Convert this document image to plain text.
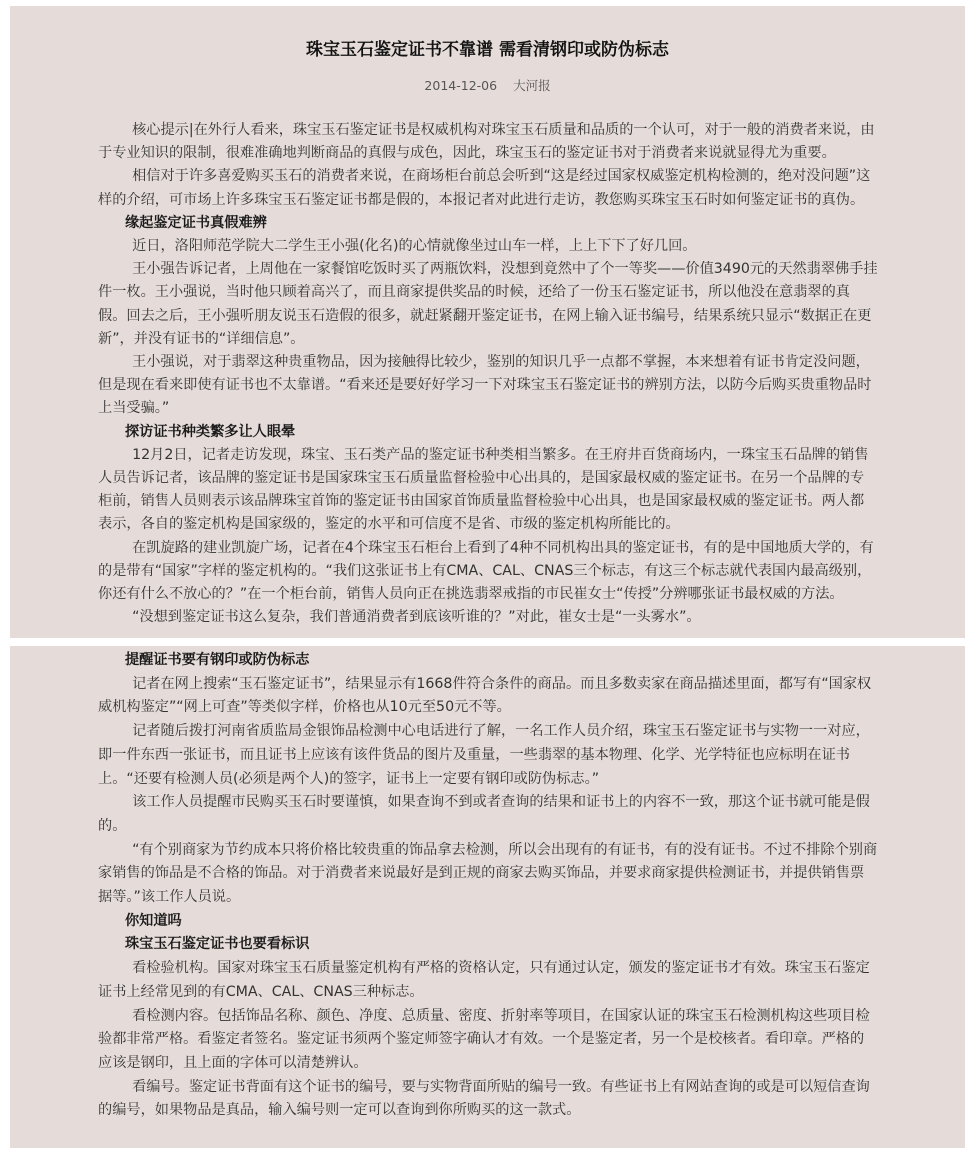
珠宝玉石鉴定证书不靠谱 需看清钢印或防伪标志
2014-12-06 大河报

核心提示|在外行人看来，珠宝玉石鉴定证书是权威机构对珠宝玉石质量和品质的一个认可，对于一般的消费者来说，由于专业知识的限制，很难准确地判断商品的真假与成色，因此，珠宝玉石的鉴定证书对于消费者来说就显得尤为重要。

相信对于许多喜爱购买玉石的消费者来说，在商场柜台前总会听到“这是经过国家权威鉴定机构检测的，绝对没问题”这样的介绍，可市场上许多珠宝玉石鉴定证书都是假的，本报记者对此进行走访，教您购买珠宝玉石时如何鉴定证书的真伪。

缘起鉴定证书真假难辨

近日，洛阳师范学院大二学生王小强(化名)的心情就像坐过山车一样，上上下下了好几回。

王小强告诉记者，上周他在一家餐馆吃饭时买了两瓶饮料，没想到竟然中了个一等奖——价值3490元的天然翡翠佛手挂件一枚。王小强说，当时他只顾着高兴了，而且商家提供奖品的时候，还给了一份玉石鉴定证书，所以他没在意翡翠的真假。回去之后，王小强听朋友说玉石造假的很多，就赶紧翻开鉴定证书，在网上输入证书编号，结果系统只显示“数据正在更新”，并没有证书的“详细信息”。

王小强说，对于翡翠这种贵重物品，因为接触得比较少，鉴别的知识几乎一点都不掌握，本来想着有证书肯定没问题，但是现在看来即使有证书也不太靠谱。“看来还是要好好学习一下对珠宝玉石鉴定证书的辨别方法，以防今后购买贵重物品时上当受骗。”

探访证书种类繁多让人眼晕

12月2日，记者走访发现，珠宝、玉石类产品的鉴定证书种类相当繁多。在王府井百货商场内，一珠宝玉石品牌的销售人员告诉记者，该品牌的鉴定证书是国家珠宝玉石质量监督检验中心出具的，是国家最权威的鉴定证书。在另一个品牌的专柜前，销售人员则表示该品牌珠宝首饰的鉴定证书由国家首饰质量监督检验中心出具，也是国家最权威的鉴定证书。两人都表示，各自的鉴定机构是国家级的，鉴定的水平和可信度不是省、市级的鉴定机构所能比的。

在凯旋路的建业凯旋广场，记者在4个珠宝玉石柜台上看到了4种不同机构出具的鉴定证书，有的是中国地质大学的，有的是带有“国家”字样的鉴定机构的。“我们这张证书上有CMA、CAL、CNAS三个标志，有这三个标志就代表国内最高级别，你还有什么不放心的？”在一个柜台前，销售人员向正在挑选翡翠戒指的市民崔女士“传授”分辨哪张证书最权威的方法。

“没想到鉴定证书这么复杂，我们普通消费者到底该听谁的？”对此，崔女士是“一头雾水”。

提醒证书要有钢印或防伪标志

记者在网上搜索“玉石鉴定证书”，结果显示有1668件符合条件的商品。而且多数卖家在商品描述里面，都写有“国家权威机构鉴定”“网上可查”等类似字样，价格也从10元至50元不等。

记者随后拨打河南省质监局金银饰品检测中心电话进行了解，一名工作人员介绍，珠宝玉石鉴定证书与实物一一对应，即一件东西一张证书，而且证书上应该有该件货品的图片及重量，一些翡翠的基本物理、化学、光学特征也应标明在证书上。“还要有检测人员(必须是两个人)的签字，证书上一定要有钢印或防伪标志。”

该工作人员提醒市民购买玉石时要谨慎，如果查询不到或者查询的结果和证书上的内容不一致，那这个证书就可能是假的。

“有个别商家为节约成本只将价格比较贵重的饰品拿去检测，所以会出现有的有证书，有的没有证书。不过不排除个别商家销售的饰品是不合格的饰品。对于消费者来说最好是到正规的商家去购买饰品，并要求商家提供检测证书，并提供销售票据等。”该工作人员说。

你知道吗

珠宝玉石鉴定证书也要看标识

看检验机构。国家对珠宝玉石质量鉴定机构有严格的资格认定，只有通过认定，颁发的鉴定证书才有效。珠宝玉石鉴定证书上经常见到的有CMA、CAL、CNAS三种标志。

看检测内容。包括饰品名称、颜色、净度、总质量、密度、折射率等项目，在国家认证的珠宝玉石检测机构这些项目检验都非常严格。看鉴定者签名。鉴定证书须两个鉴定师签字确认才有效。一个是鉴定者，另一个是校核者。看印章。严格的应该是钢印，且上面的字体可以清楚辨认。

看编号。鉴定证书背面有这个证书的编号，要与实物背面所贴的编号一致。有些证书上有网站查询的或是可以短信查询的编号，如果物品是真品，输入编号则一定可以查询到你所购买的这一款式。
